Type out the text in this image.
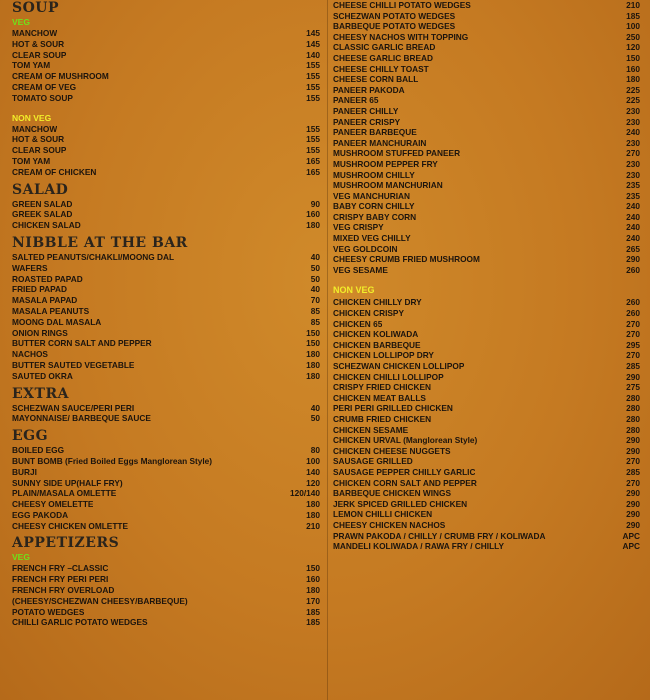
SOUP
VEG
MANCHOW	145
HOT & SOUR	145
CLEAR SOUP	140
TOM YAM	155
CREAM OF MUSHROOM	155
CREAM OF VEG	155
TOMATO SOUP	155
NON VEG
MANCHOW	155
HOT & SOUR	155
CLEAR SOUP	155
TOM YAM	165
CREAM OF CHICKEN	165
SALAD
GREEN SALAD	90
GREEK SALAD	160
CHICKEN SALAD	180
NIBBLE AT THE BAR
SALTED PEANUTS/CHAKLI/MOONG DAL	40
WAFERS	50
ROASTED PAPAD	50
FRIED PAPAD	40
MASALA PAPAD	70
MASALA PEANUTS	85
MOONG DAL MASALA	85
ONION RINGS	150
BUTTER CORN SALT AND PEPPER	150
NACHOS	180
BUTTER SAUTED VEGETABLE	180
SAUTED OKRA	180
EXTRA
SCHEZWAN SAUCE/PERI PERI	40
MAYONNAISE/ BARBEQUE SAUCE	50
EGG
BOILED EGG	80
BUNT BOMB (Fried Boiled Eggs Manglorean Style)	100
BURJI	140
SUNNY SIDE UP(HALF FRY)	120
PLAIN/MASALA OMLETTE	120/140
CHEESY OMELETTE	180
EGG PAKODA	180
CHEESY CHICKEN OMLETTE	210
APPETIZERS
VEG
FRENCH FRY –CLASSIC	150
FRENCH FRY PERI PERI	160
FRENCH FRY OVERLOAD	180
(CHEESY/SCHEZWAN CHEESY/BARBEQUE)	170
POTATO WEDGES	185
CHILLI GARLIC POTATO WEDGES	185
CHEESE CHILLI POTATO WEDGES	210
SCHEZWAN POTATO WEDGES	185
BARBEQUE POTATO WEDGES	100
CHEESY NACHOS WITH TOPPING	250
CLASSIC GARLIC BREAD	120
CHEESE GARLIC BREAD	150
CHEESE CHILLY TOAST	160
CHEESE CORN BALL	180
PANEER PAKODA	225
PANEER 65	225
PANEER CHILLY	230
PANEER CRISPY	230
PANEER BARBEQUE	240
PANEER MANCHURAIN	230
MUSHROOM STUFFED PANEER	270
MUSHROOM PEPPER FRY	230
MUSHROOM CHILLY	230
MUSHROOM MANCHURIAN	235
VEG MANCHURIAN	235
BABY CORN CHILLY	240
CRISPY BABY CORN	240
VEG CRISPY	240
MIXED VEG CHILLY	240
VEG GOLDCOIN	265
CHEESY CRUMB FRIED MUSHROOM	290
VEG SESAME	260
NON VEG
CHICKEN CHILLY DRY	260
CHICKEN CRISPY	260
CHICKEN 65	270
CHICKEN KOLIWADA	270
CHICKEN BARBEQUE	295
CHICKEN LOLLIPOP DRY	270
SCHEZWAN CHICKEN LOLLIPOP	285
CHICKEN CHILLI LOLLIPOP	290
CRISPY FRIED CHICKEN	275
CHICKEN MEAT BALLS	280
PERI PERI GRILLED CHICKEN	280
CRUMB FRIED CHICKEN	280
CHICKEN SESAME	280
CHICKEN URVAL (Manglorean Style)	290
CHICKEN CHEESE NUGGETS	290
SAUSAGE GRILLED	270
SAUSAGE PEPPER CHILLY GARLIC	285
CHICKEN CORN SALT AND PEPPER	270
BARBEQUE CHICKEN WINGS	290
JERK SPICED GRILLED CHICKEN	290
LEMON CHILLI CHICKEN	290
CHEESY CHICKEN NACHOS	290
PRAWN PAKODA / CHILLY / CRUMB FRY / KOLIWADA	APC
MANDELI KOLIWADA / RAWA FRY / CHILLY	APC
